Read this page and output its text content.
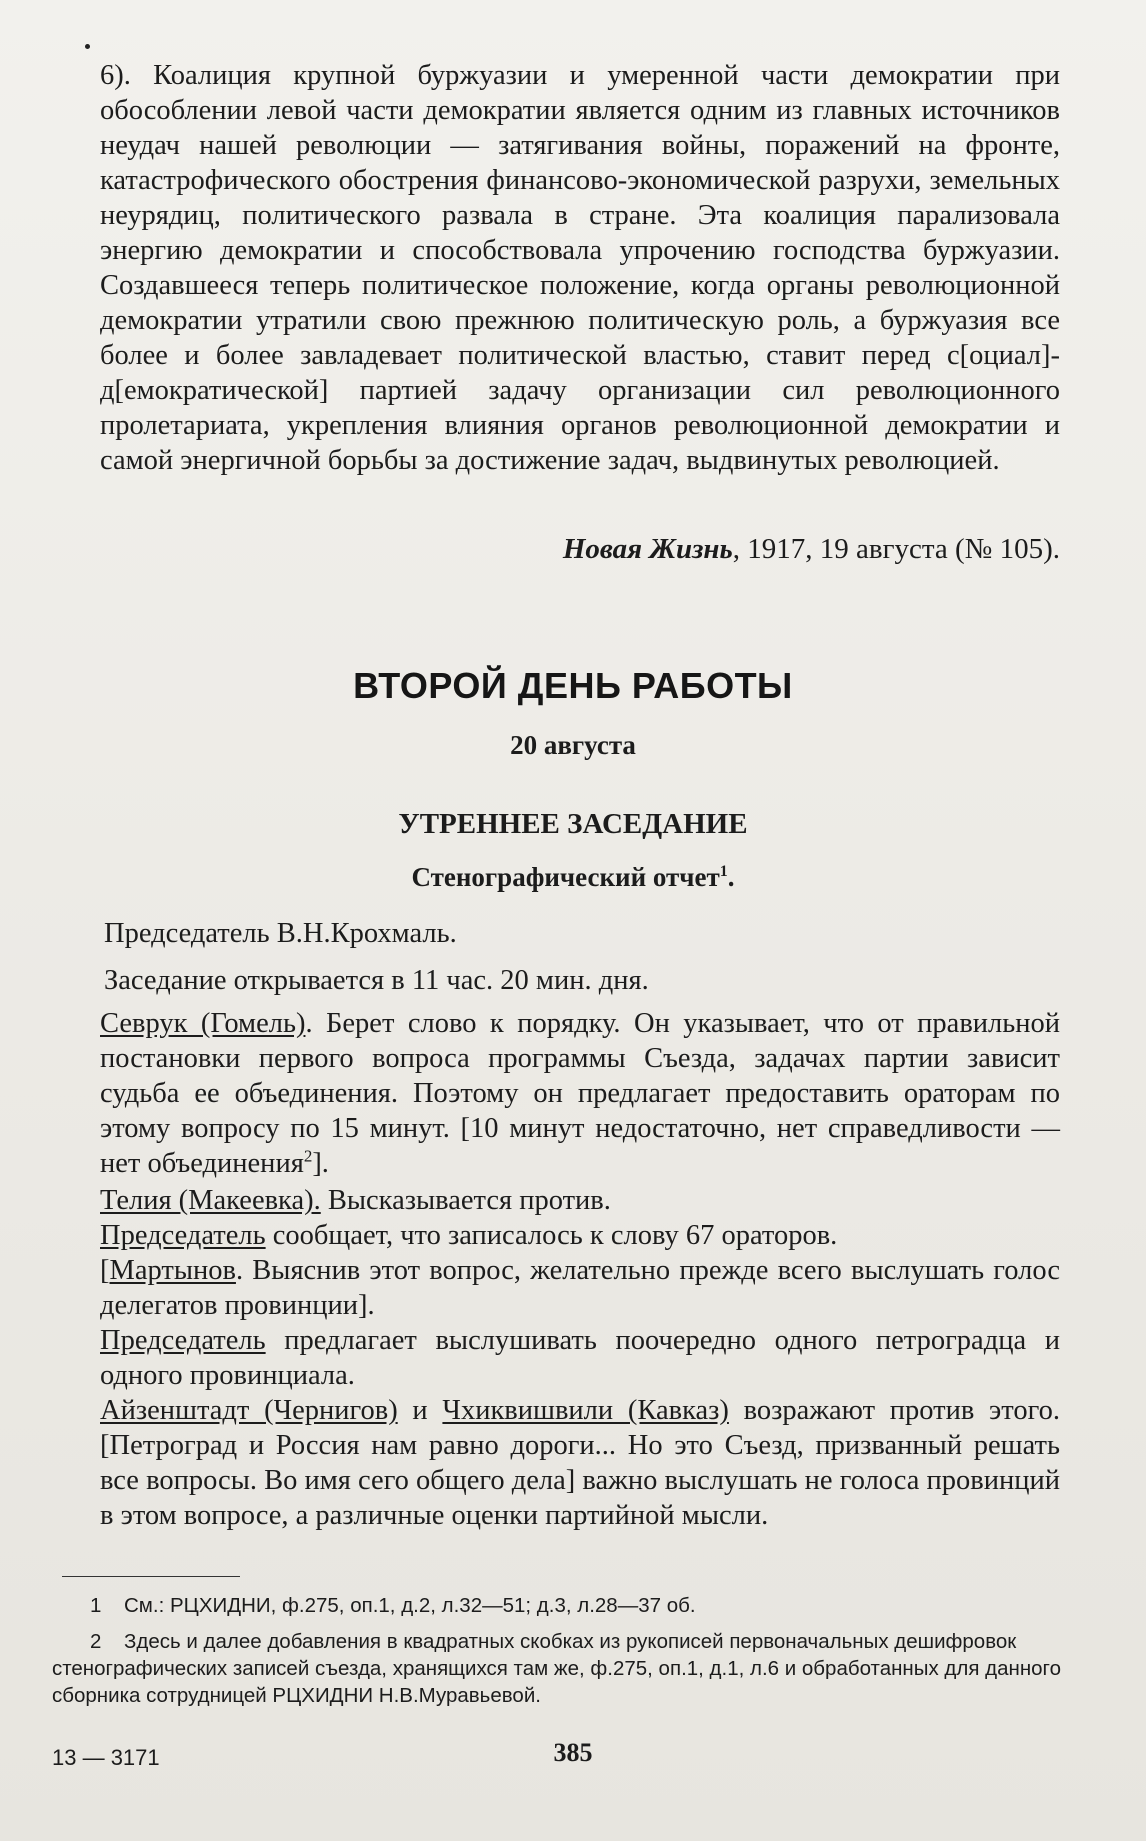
6). Коалиция крупной буржуазии и умеренной части демократии при обособлении левой части демократии является одним из главных источников неудач нашей революции — затягивания войны, поражений на фронте, катастрофического обострения финансово-экономической разрухи, земельных неурядиц, политического развала в стране. Эта коалиция парализовала энергию демократии и способствовала упрочению господства буржуазии. Создавшееся теперь политическое положение, когда органы революционной демократии утратили свою прежнюю политическую роль, а буржуазия все более и более завладевает политической властью, ставит перед с[оциал]-д[емократической] партией задачу организации сил революционного пролетариата, укрепления влияния органов революционной демократии и самой энергичной борьбы за достижение задач, выдвинутых революцией.

Новая Жизнь, 1917, 19 августа (№ 105).
ВТОРОЙ ДЕНЬ РАБОТЫ
20 августа
УТРЕННЕЕ ЗАСЕДАНИЕ
Стенографический отчет$^1$.
Председатель В.Н.Крохмаль.
Заседание открывается в 11 час. 20 мин. дня.

Севрук (Гомель). Берет слово к порядку. Он указывает, что от правильной постановки первого вопроса программы Съезда, задачах партии зависит судьба ее объединения. Поэтому он предлагает предоставить ораторам по этому вопросу по 15 минут. [10 минут недостаточно, нет справедливости — нет объединения$^2$].

Телия (Макеевка). Высказывается против.

Председатель сообщает, что записалось к слову 67 ораторов.

[Мартынов. Выяснив этот вопрос, желательно прежде всего выслушать голос делегатов провинции].

Председатель предлагает выслушивать поочередно одного петроградца и одного провинциала.

Айзенштадт (Чернигов) и Чхиквишвили (Кавказ) возражают против этого. [Петроград и Россия нам равно дороги... Но это Съезд, призванный решать все вопросы. Во имя сего общего дела] важно выслушать не голоса провинций в этом вопросе, а различные оценки партийной мысли.

1 См.: РЦХИДНИ, ф.275, оп.1, д.2, л.32—51; д.3, л.28—37 об.
2 Здесь и далее добавления в квадратных скобках из рукописей первоначальных дешифровок стенографических записей съезда, хранящихся там же, ф.275, оп.1, д.1, л.6 и обработанных для данного сборника сотрудницей РЦХИДНИ Н.В.Муравьевой.
13 — 3171	385
